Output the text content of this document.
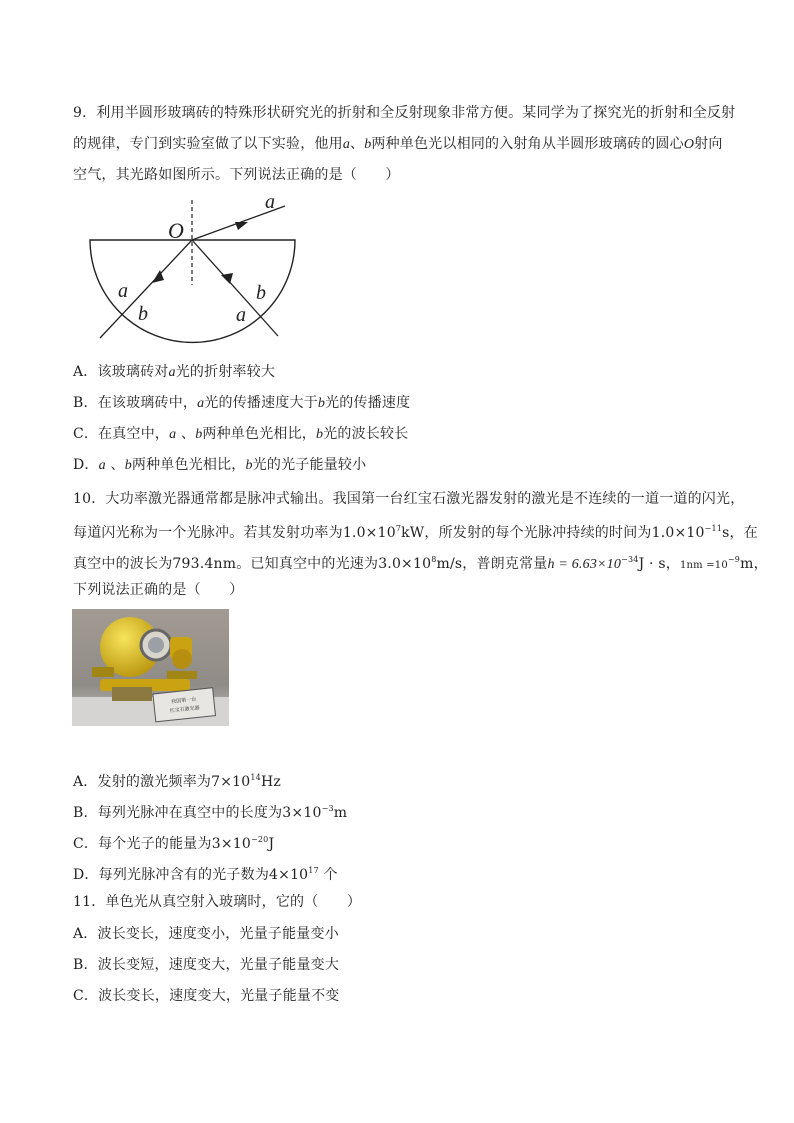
9．利用半圆形玻璃砖的特殊形状研究光的折射和全反射现象非常方便。某同学为了探究光的折射和全反射
的规律，专门到实验室做了以下实验，他用a、b两种单色光以相同的入射角从半圆形玻璃砖的圆心O射向
空气，其光路如图所示。下列说法正确的是（　　）
O
a
a
b
b
a
A．该玻璃砖对a光的折射率较大
B．在该玻璃砖中，a光的传播速度大于b光的传播速度
C．在真空中，a 、b两种单色光相比，b光的波长较长
D．a 、b两种单色光相比，b光的光子能量较小
10．大功率激光器通常都是脉冲式输出。我国第一台红宝石激光器发射的激光是不连续的一道一道的闪光，
每道闪光称为一个光脉冲。若其发射功率为$1.0\times 10^7kW$，所发射的每个光脉冲持续的时间为$1.0\times 10^{-11}s$，在
真空中的波长为793.4nm。已知真空中的光速为$3.0\times 10^8m/s$，普朗克常量$h = 6.63\times 10^{-34}J \cdot s$，$1nm =10^{-9}m$，
下列说法正确的是（　　）
我国第一台
红宝石激光器
A．发射的激光频率为$7\times 10^{14}Hz$
B．每列光脉冲在真空中的长度为$3\times 10^{-3}m$
C．每个光子的能量为$3\times 10^{-20}J$
D．每列光脉冲含有的光子数为$4\times 10^{17}$ 个
11．单色光从真空射入玻璃时，它的（　　）
A．波长变长，速度变小，光量子能量变小
B．波长变短，速度变大，光量子能量变大
C．波长变长，速度变大，光量子能量不变
